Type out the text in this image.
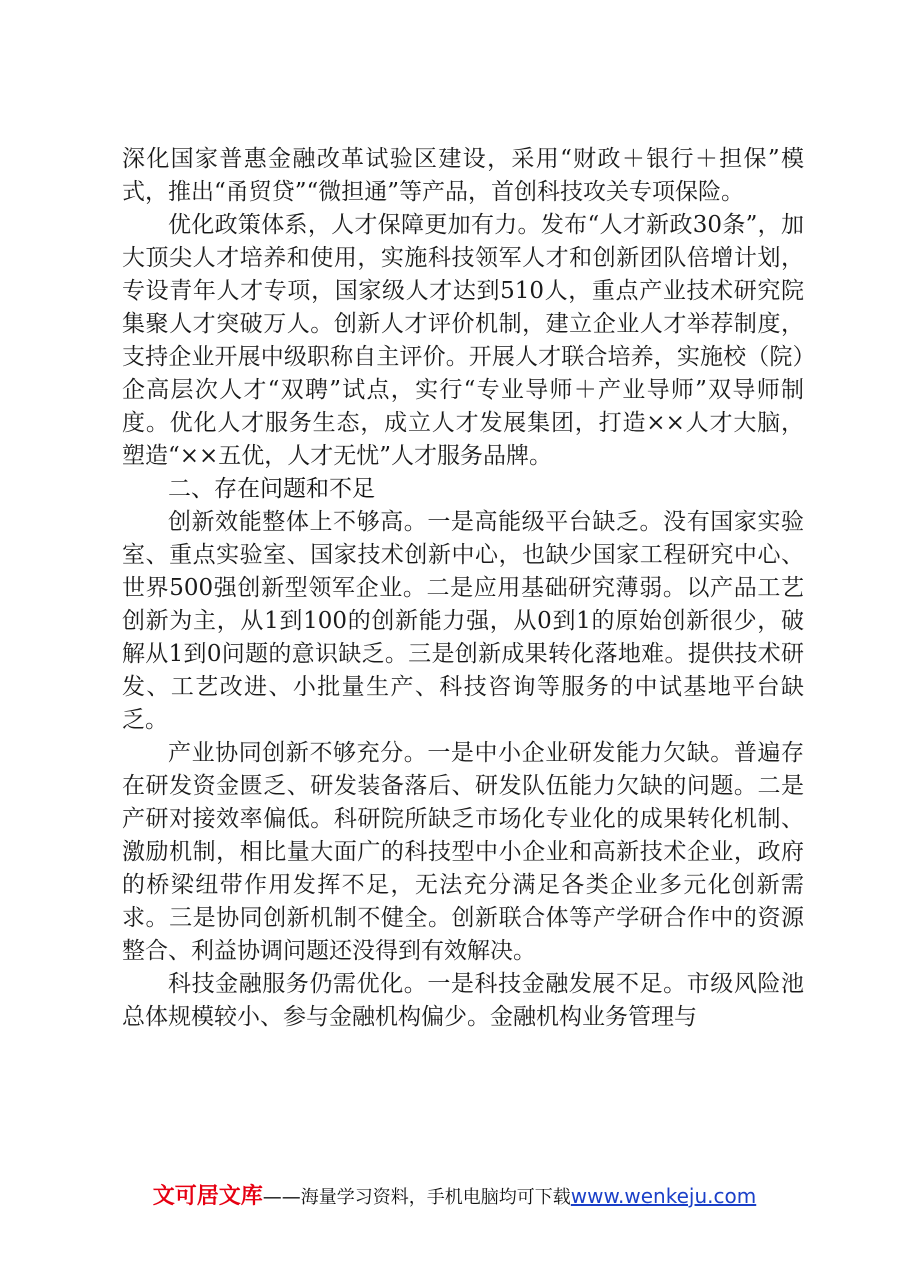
深化国家普惠金融改革试验区建设，采用“财政＋银行＋担保”模式，推出“甬贸贷”“微担通”等产品，首创科技攻关专项保险。

优化政策体系，人才保障更加有力。发布“人才新政30条”，加大顶尖人才培养和使用，实施科技领军人才和创新团队倍增计划，专设青年人才专项，国家级人才达到510人，重点产业技术研究院集聚人才突破万人。创新人才评价机制，建立企业人才举荐制度，支持企业开展中级职称自主评价。开展人才联合培养，实施校（院）企高层次人才“双聘”试点，实行“专业导师＋产业导师”双导师制度。优化人才服务生态，成立人才发展集团，打造××人才大脑，塑造“××五优，人才无忧”人才服务品牌。

二、存在问题和不足

创新效能整体上不够高。一是高能级平台缺乏。没有国家实验室、重点实验室、国家技术创新中心，也缺少国家工程研究中心、世界500强创新型领军企业。二是应用基础研究薄弱。以产品工艺创新为主，从1到100的创新能力强，从0到1的原始创新很少，破解从1到0问题的意识缺乏。三是创新成果转化落地难。提供技术研发、工艺改进、小批量生产、科技咨询等服务的中试基地平台缺乏。

产业协同创新不够充分。一是中小企业研发能力欠缺。普遍存在研发资金匮乏、研发装备落后、研发队伍能力欠缺的问题。二是产研对接效率偏低。科研院所缺乏市场化专业化的成果转化机制、激励机制，相比量大面广的科技型中小企业和高新技术企业，政府的桥梁纽带作用发挥不足，无法充分满足各类企业多元化创新需求。三是协同创新机制不健全。创新联合体等产学研合作中的资源整合、利益协调问题还没得到有效解决。

科技金融服务仍需优化。一是科技金融发展不足。市级风险池总体规模较小、参与金融机构偏少。金融机构业务管理与

文可居文库——海量学习资料，手机电脑均可下载www.wenkeju.com
